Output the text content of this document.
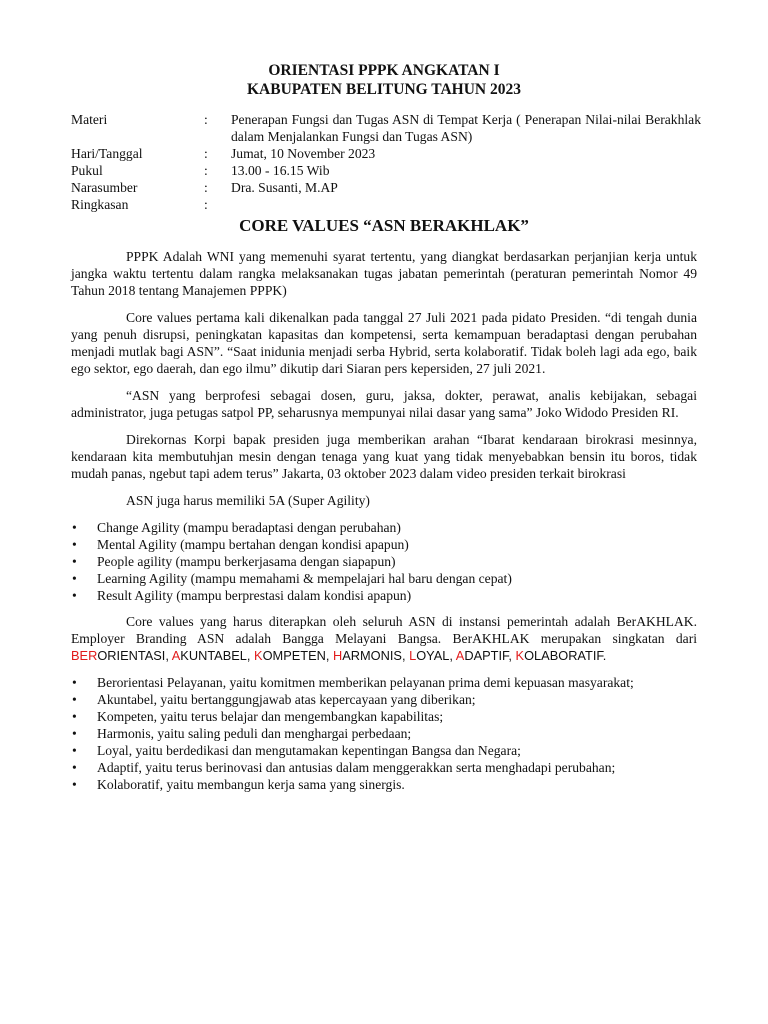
ORIENTASI PPPK ANGKATAN I
KABUPATEN BELITUNG TAHUN 2023
Materi	:	Penerapan Fungsi dan Tugas ASN di Tempat Kerja ( Penerapan Nilai-nilai Berakhlak dalam Menjalankan Fungsi dan Tugas ASN)
Hari/Tanggal	:	Jumat, 10 November 2023
Pukul	:	13.00 - 16.15 Wib
Narasumber	:	Dra. Susanti, M.AP
Ringkasan	:
CORE VALUES “ASN BERAKHLAK”

PPPK Adalah WNI yang memenuhi syarat tertentu, yang diangkat berdasarkan perjanjian kerja untuk jangka waktu tertentu dalam rangka melaksanakan tugas jabatan pemerintah (peraturan pemerintah Nomor 49 Tahun 2018 tentang Manajemen PPPK)

Core values pertama kali dikenalkan pada tanggal 27 Juli 2021 pada pidato Presiden. “di tengah dunia yang penuh disrupsi, peningkatan kapasitas dan kompetensi, serta kemampuan beradaptasi dengan perubahan menjadi mutlak bagi ASN”. “Saat inidunia menjadi serba Hybrid, serta kolaboratif. Tidak boleh lagi ada ego, baik ego sektor, ego daerah, dan ego ilmu” dikutip dari Siaran pers kepersiden, 27 juli 2021.

“ASN yang berprofesi sebagai dosen, guru, jaksa, dokter, perawat, analis kebijakan, sebagai administrator, juga petugas satpol PP, seharusnya mempunyai nilai dasar yang sama” Joko Widodo Presiden RI.

Direkornas Korpi bapak presiden juga memberikan arahan “Ibarat kendaraan birokrasi mesinnya, kendaraan kita membutuhjan mesin dengan tenaga yang kuat yang tidak menyebabkan bensin itu boros, tidak mudah panas, ngebut tapi adem terus” Jakarta, 03 oktober 2023 dalam video presiden terkait birokrasi

ASN juga harus memiliki 5A (Super Agility)

• Change Agility (mampu beradaptasi dengan perubahan)
• Mental Agility (mampu bertahan dengan kondisi apapun)
• People agility (mampu berkerjasama dengan siapapun)
• Learning Agility (mampu memahami & mempelajari hal baru dengan cepat)
• Result Agility (mampu berprestasi dalam kondisi apapun)

Core values yang harus diterapkan oleh seluruh ASN di instansi pemerintah adalah BerAKHLAK. Employer Branding ASN adalah Bangga Melayani Bangsa. BerAKHLAK merupakan singkatan dari BERORIENTASI, AKUNTABEL, KOMPETEN, HARMONIS, LOYAL, ADAPTIF, KOLABORATIF.

• Berorientasi Pelayanan, yaitu komitmen memberikan pelayanan prima demi kepuasan masyarakat;
• Akuntabel, yaitu bertanggungjawab atas kepercayaan yang diberikan;
• Kompeten, yaitu terus belajar dan mengembangkan kapabilitas;
• Harmonis, yaitu saling peduli dan menghargai perbedaan;
• Loyal, yaitu berdedikasi dan mengutamakan kepentingan Bangsa dan Negara;
• Adaptif, yaitu terus berinovasi dan antusias dalam menggerakkan serta menghadapi perubahan;
• Kolaboratif, yaitu membangun kerja sama yang sinergis.
